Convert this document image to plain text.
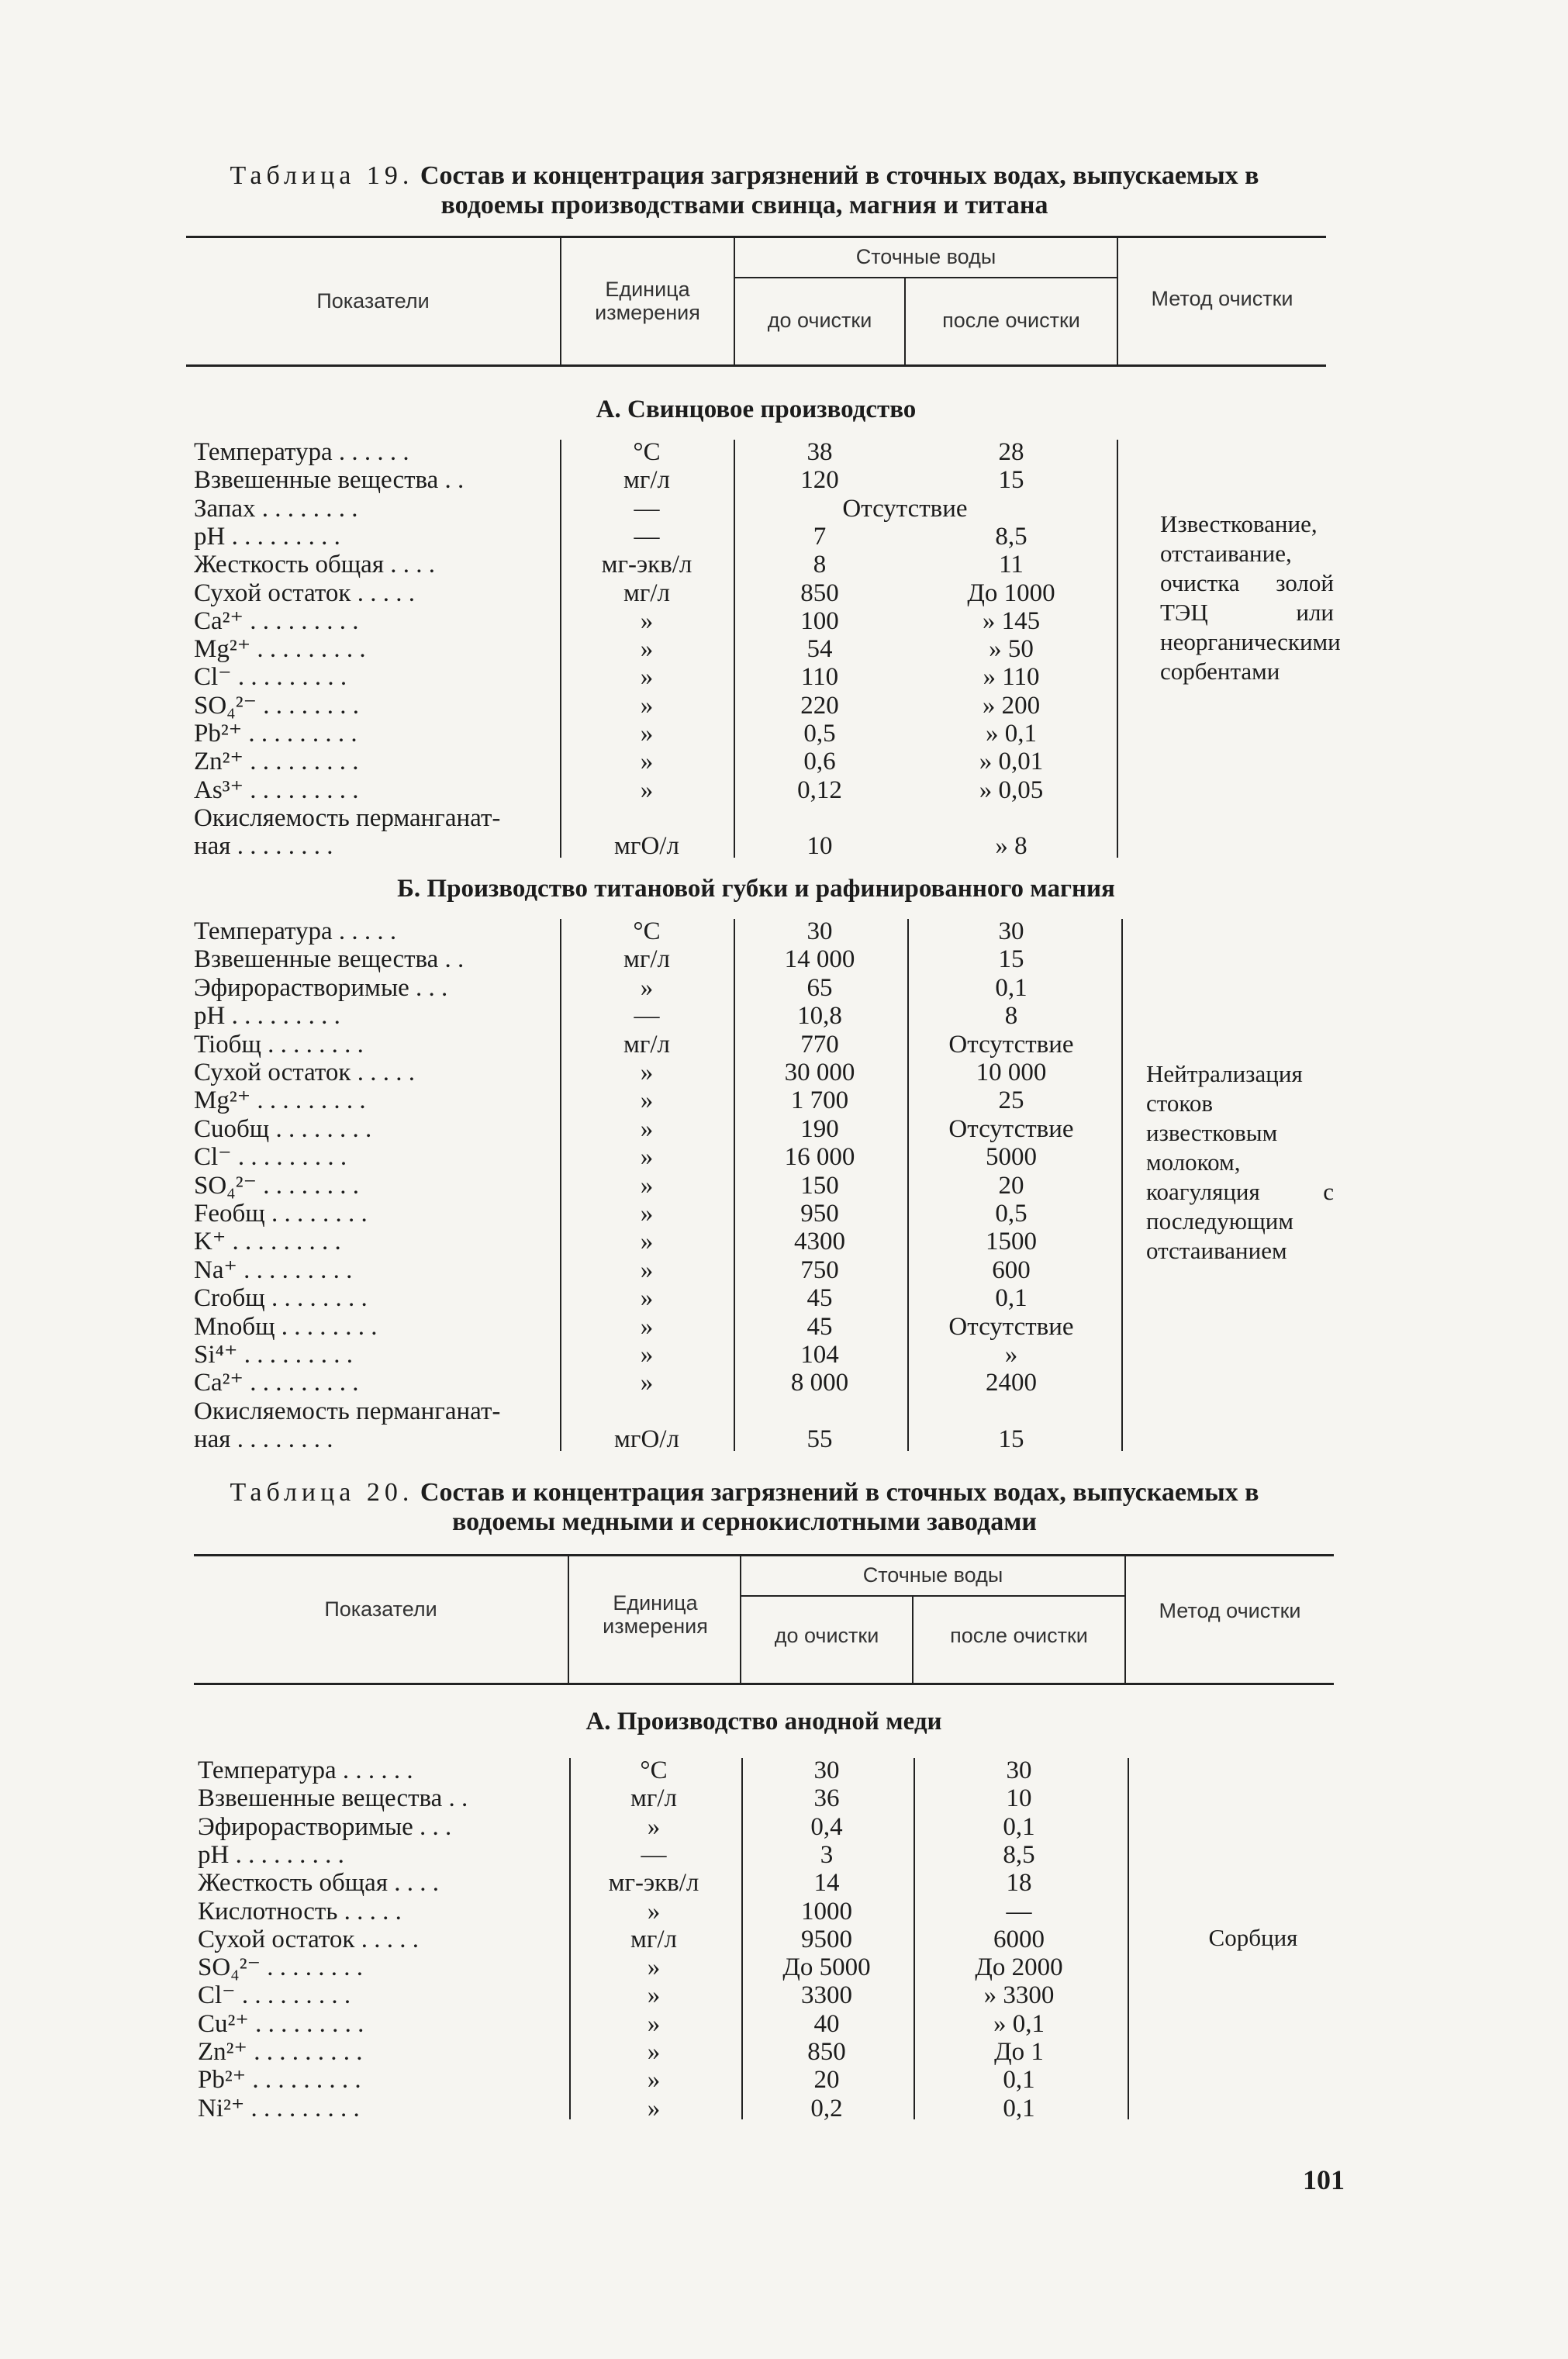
Таблица 19. Состав и концентрация загрязнений в сточных водах, выпускаемых в водоемы производствами свинца, магния и титана
Показатели	Единица измерения
Сточные воды
до очистки	после очистки
Метод очистки
А. Свинцовое производство
Температура . . . . . .	°С	38	28
Взвешенные вещества . .	мг/л	120	15
Запах . . . . . . . .	—	Отсутствие
pH . . . . . . . . .	—	7	8,5
Жесткость общая . . . .	мг-экв/л	8	11
Сухой остаток . . . . .	мг/л	850	До 1000
Са²⁺ . . . . . . . . .	»	100	» 145
Mg²⁺ . . . . . . . . .	»	54	» 50
Cl⁻ . . . . . . . . .	»	110	» 110
SO₄²⁻ . . . . . . . .	»	220	» 200
Pb²⁺ . . . . . . . . .	»	0,5	» 0,1
Zn²⁺ . . . . . . . . .	»	0,6	» 0,01
As³⁺ . . . . . . . . .	»	0,12	» 0,05
Окисляемость перманганат-
ная . . . . . . . .	мгО/л	10	» 8
Известкование, отстаивание, очистка золой ТЭЦ или неорганическими сорбентами
Б. Производство титановой губки и рафинированного магния
Температура . . . . .	°С	30	30
Взвешенные вещества . .	мг/л	14 000	15
Эфирорастворимые . . .	»	65	0,1
pH . . . . . . . . .	—	10,8	8
Tiобщ . . . . . . . .	мг/л	770	Отсутствие
Сухой остаток . . . . .	»	30 000	10 000
Mg²⁺ . . . . . . . . .	»	1 700	25
Cuобщ . . . . . . . .	»	190	Отсутствие
Cl⁻ . . . . . . . . .	»	16 000	5000
SO₄²⁻ . . . . . . . .	»	150	20
Feобщ . . . . . . . .	»	950	0,5
K⁺ . . . . . . . . .	»	4300	1500
Na⁺ . . . . . . . . .	»	750	600
Crобщ . . . . . . . .	»	45	0,1
Mnобщ . . . . . . . .	»	45	Отсутствие
Si⁴⁺ . . . . . . . . .	»	104	»
Са²⁺ . . . . . . . . .	»	8 000	2400
Окисляемость перманганат-
ная . . . . . . . .	мгО/л	55	15
Нейтрализация стоков известковым молоком, коагуляция с последующим отстаиванием
Таблица 20. Состав и концентрация загрязнений в сточных водах, выпускаемых в водоемы медными и сернокислотными заводами
Показатели	Единица измерения
Сточные воды
до очистки	после очистки
Метод очистки
А. Производство анодной меди
Температура . . . . . .	°С	30	30
Взвешенные вещества . .	мг/л	36	10
Эфирорастворимые . . .	»	0,4	0,1
pH . . . . . . . . .	—	3	8,5
Жесткость общая . . . .	мг-экв/л	14	18
Кислотность . . . . .	»	1000	—
Сухой остаток . . . . .	мг/л	9500	6000
SO₄²⁻ . . . . . . . .	»	До 5000	До 2000
Cl⁻ . . . . . . . . .	»	3300	» 3300
Cu²⁺ . . . . . . . . .	»	40	» 0,1
Zn²⁺ . . . . . . . . .	»	850	До 1
Pb²⁺ . . . . . . . . .	»	20	0,1
Ni²⁺ . . . . . . . . .	»	0,2	0,1
Сорбция
101
